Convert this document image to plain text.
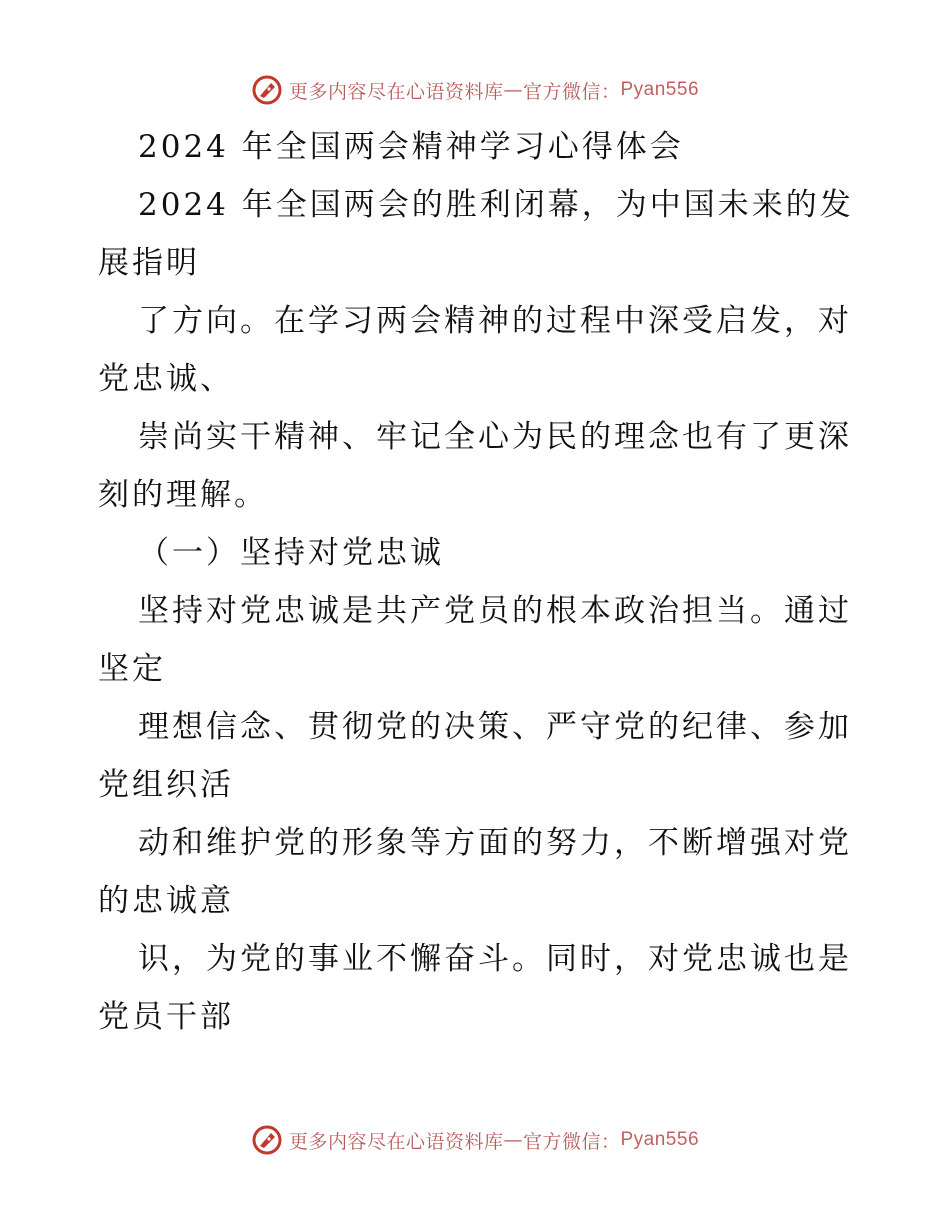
更多内容尽在心语资料库 — 官方微信： Pyan556
2024 年全国两会精神学习心得体会
2024 年全国两会的胜利闭幕，为中国未来的发
展指明
了方向。在学习两会精神的过程中深受启发，对
党忠诚、
崇尚实干精神、牢记全心为民的理念也有了更深
刻的理解。
（一）坚持对党忠诚
坚持对党忠诚是共产党员的根本政治担当。通过
坚定
理想信念、贯彻党的决策、严守党的纪律、参加
党组织活
动和维护党的形象等方面的努力，不断增强对党
的忠诚意
识，为党的事业不懈奋斗。同时，对党忠诚也是
党员干部
更多内容尽在心语资料库 — 官方微信： Pyan556
